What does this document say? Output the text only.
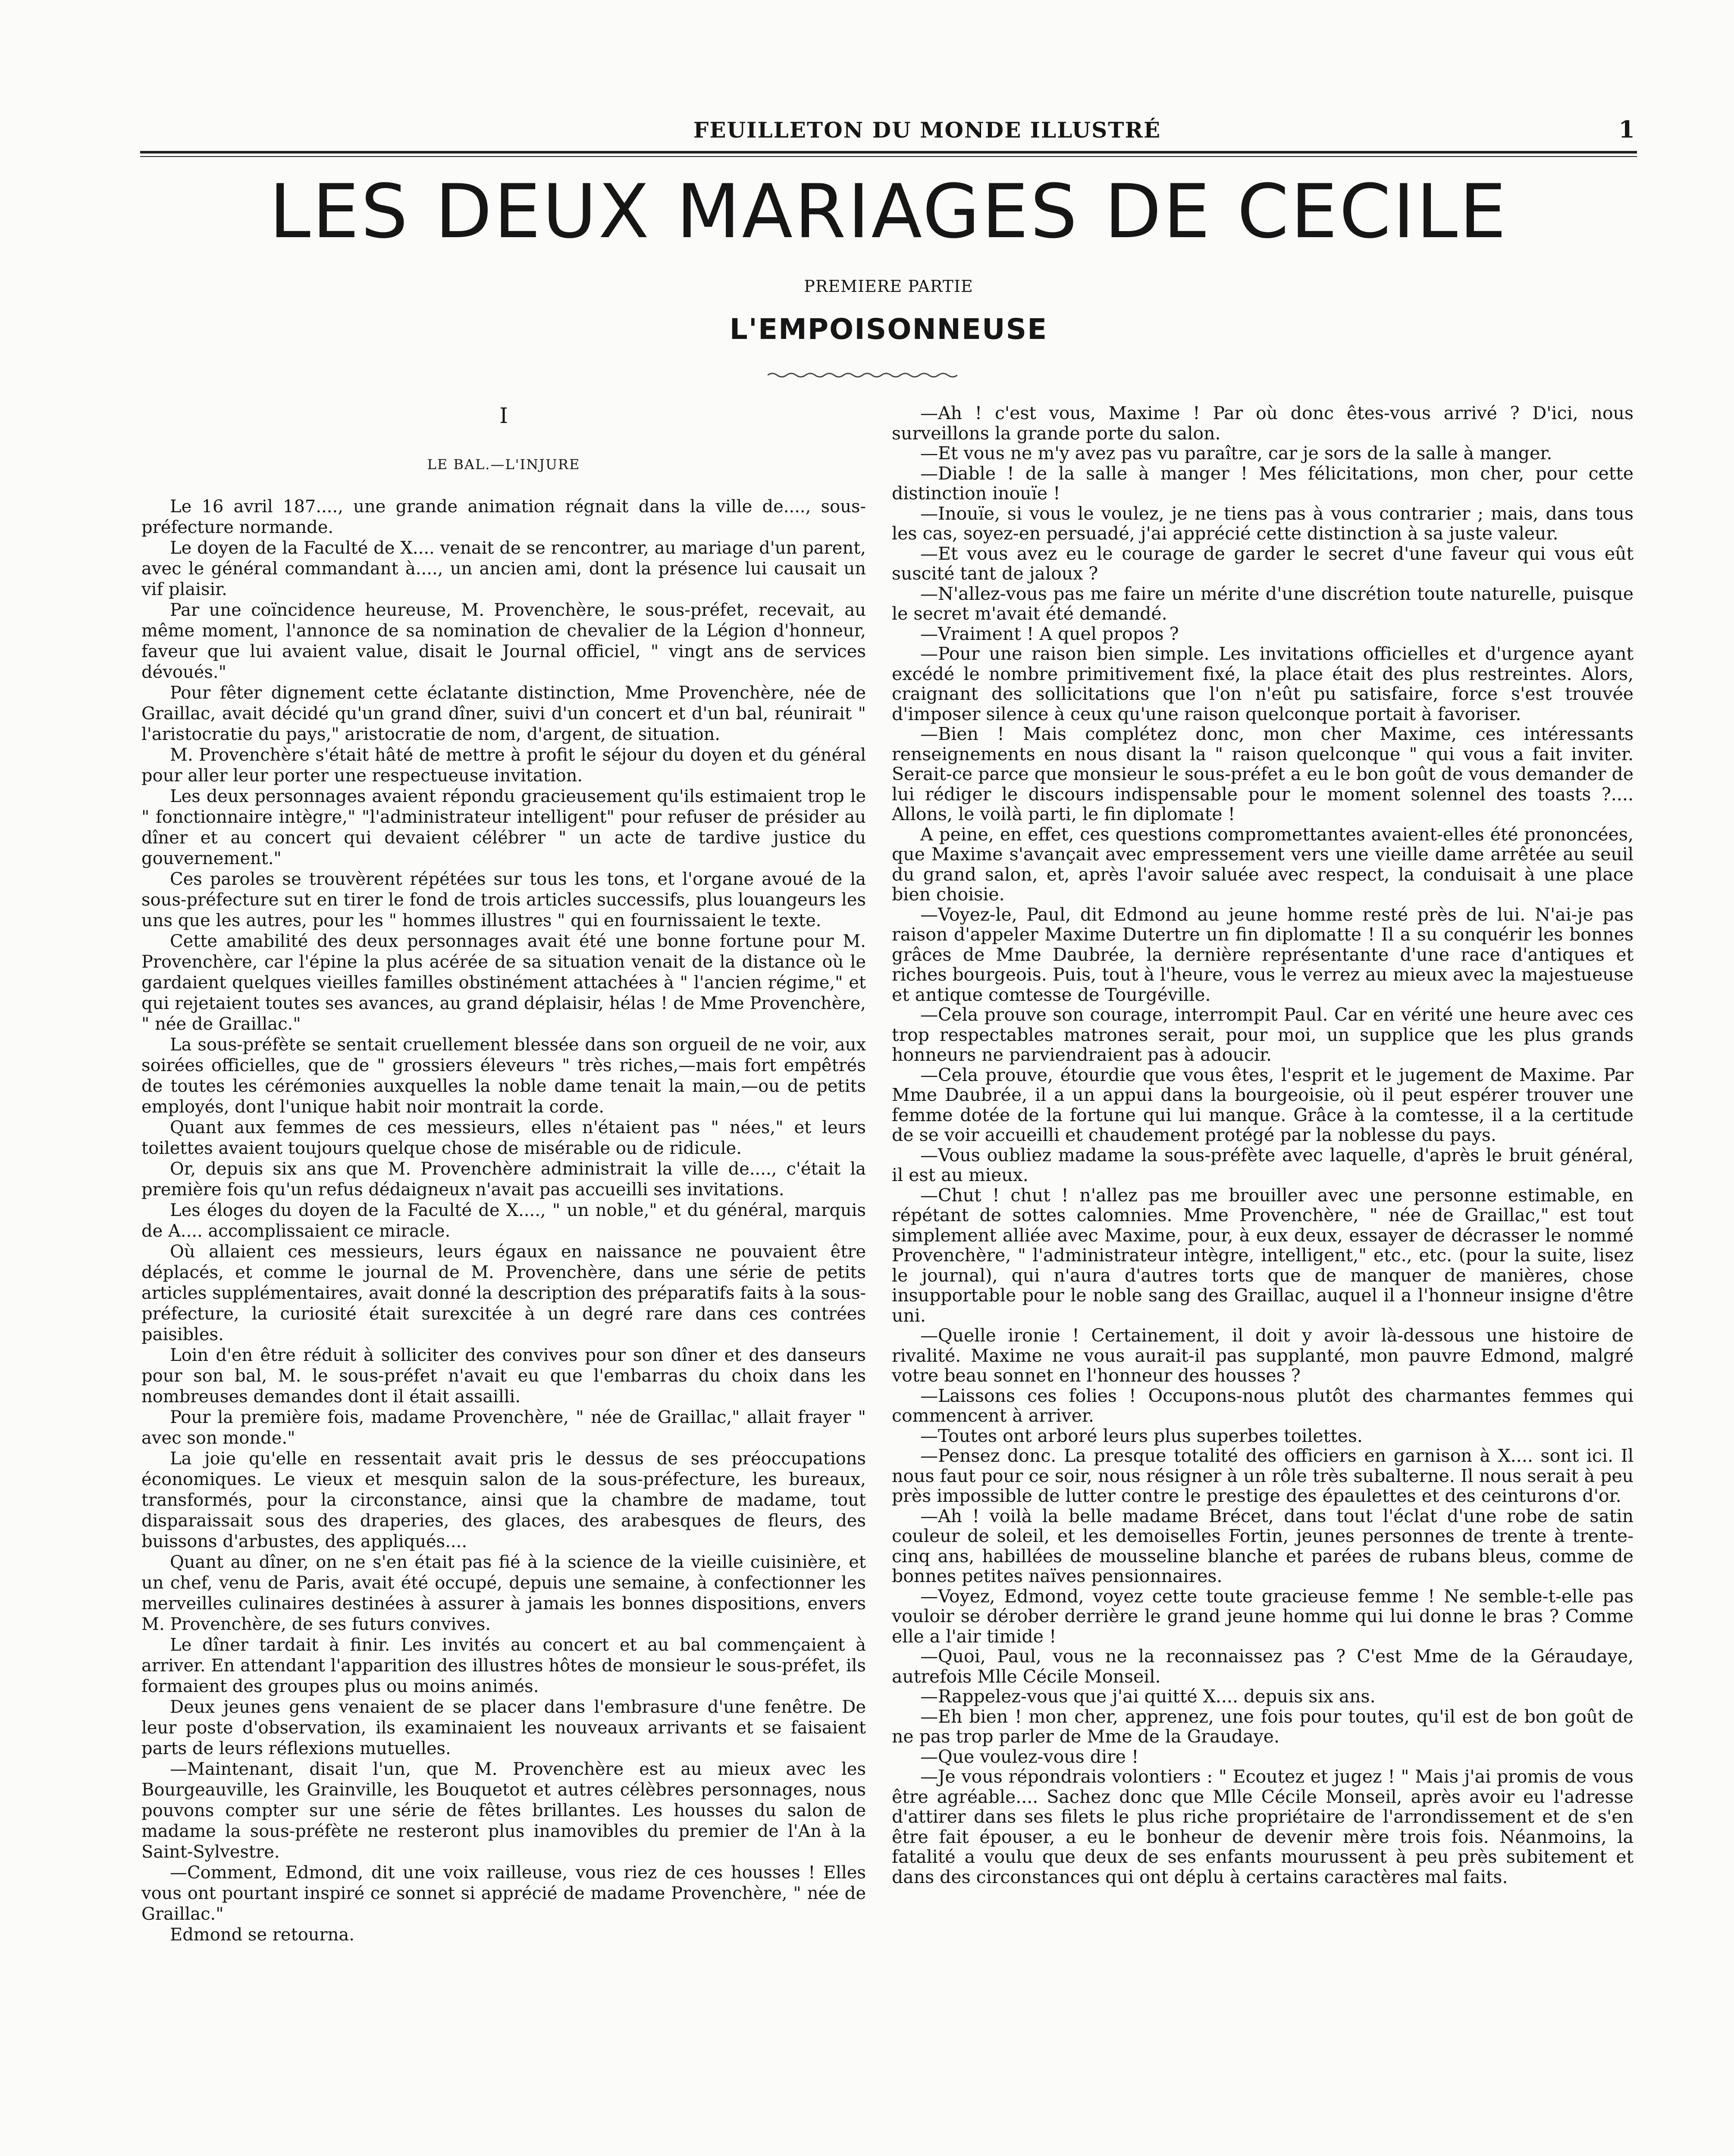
FEUILLETON DU MONDE ILLUSTRÉ	1
LES DEUX MARIAGES DE CECILE
PREMIERE PARTIE
L'EMPOISONNEUSE
I
LE BAL.—L'INJURE

Le 16 avril 187...., une grande animation régnait dans la ville de...., sous-préfecture normande.

Le doyen de la Faculté de X.... venait de se rencontrer, au mariage d'un parent, avec le général commandant à...., un ancien ami, dont la présence lui causait un vif plaisir.

Par une coïncidence heureuse, M. Provenchère, le sous-préfet, recevait, au même moment, l'annonce de sa nomination de chevalier de la Légion d'honneur, faveur que lui avaient value, disait le Journal officiel, " vingt ans de services dévoués."

Pour fêter dignement cette éclatante distinction, Mme Provenchère, née de Graillac, avait décidé qu'un grand dîner, suivi d'un concert et d'un bal, réunirait " l'aristocratie du pays," aristocratie de nom, d'argent, de situation.

M. Provenchère s'était hâté de mettre à profit le séjour du doyen et du général pour aller leur porter une respectueuse invitation.

Les deux personnages avaient répondu gracieusement qu'ils estimaient trop le " fonctionnaire intègre," "l'administrateur intelligent" pour refuser de présider au dîner et au concert qui devaient célébrer " un acte de tardive justice du gouvernement."

Ces paroles se trouvèrent répétées sur tous les tons, et l'organe avoué de la sous-préfecture sut en tirer le fond de trois articles successifs, plus louangeurs les uns que les autres, pour les " hommes illustres " qui en fournissaient le texte.

Cette amabilité des deux personnages avait été une bonne fortune pour M. Provenchère, car l'épine la plus acérée de sa situation venait de la distance où le gardaient quelques vieilles familles obstinément attachées à " l'ancien régime," et qui rejetaient toutes ses avances, au grand déplaisir, hélas ! de Mme Provenchère, " née de Graillac."

La sous-préfète se sentait cruellement blessée dans son orgueil de ne voir, aux soirées officielles, que de " grossiers éleveurs " très riches,—mais fort empêtrés de toutes les cérémonies auxquelles la noble dame tenait la main,—ou de petits employés, dont l'unique habit noir montrait la corde.

Quant aux femmes de ces messieurs, elles n'étaient pas " nées," et leurs toilettes avaient toujours quelque chose de misérable ou de ridicule.

Or, depuis six ans que M. Provenchère administrait la ville de...., c'était la première fois qu'un refus dédaigneux n'avait pas accueilli ses invitations.

Les éloges du doyen de la Faculté de X...., " un noble," et du général, marquis de A.... accomplissaient ce miracle.

Où allaient ces messieurs, leurs égaux en naissance ne pouvaient être déplacés, et comme le journal de M. Provenchère, dans une série de petits articles supplémentaires, avait donné la description des préparatifs faits à la sous-préfecture, la curiosité était surexcitée à un degré rare dans ces contrées paisibles.

Loin d'en être réduit à solliciter des convives pour son dîner et des danseurs pour son bal, M. le sous-préfet n'avait eu que l'embarras du choix dans les nombreuses demandes dont il était assailli.

Pour la première fois, madame Provenchère, " née de Graillac," allait frayer " avec son monde."

La joie qu'elle en ressentait avait pris le dessus de ses préoccupations économiques. Le vieux et mesquin salon de la sous-préfecture, les bureaux, transformés, pour la circonstance, ainsi que la chambre de madame, tout disparaissait sous des draperies, des glaces, des arabesques de fleurs, des buissons d'arbustes, des appliqués....

Quant au dîner, on ne s'en était pas fié à la science de la vieille cuisinière, et un chef, venu de Paris, avait été occupé, depuis une semaine, à confectionner les merveilles culinaires destinées à assurer à jamais les bonnes dispositions, envers M. Provenchère, de ses futurs convives.

Le dîner tardait à finir. Les invités au concert et au bal commençaient à arriver. En attendant l'apparition des illustres hôtes de monsieur le sous-préfet, ils formaient des groupes plus ou moins animés.

Deux jeunes gens venaient de se placer dans l'embrasure d'une fenêtre. De leur poste d'observation, ils examinaient les nouveaux arrivants et se faisaient parts de leurs réflexions mutuelles.

—Maintenant, disait l'un, que M. Provenchère est au mieux avec les Bourgeauville, les Grainville, les Bouquetot et autres célèbres personnages, nous pouvons compter sur une série de fêtes brillantes. Les housses du salon de madame la sous-préfète ne resteront plus inamovibles du premier de l'An à la Saint-Sylvestre.

—Comment, Edmond, dit une voix railleuse, vous riez de ces housses ! Elles vous ont pourtant inspiré ce sonnet si apprécié de madame Provenchère, " née de Graillac."

Edmond se retourna.

—Ah ! c'est vous, Maxime ! Par où donc êtes-vous arrivé ? D'ici, nous surveillons la grande porte du salon.

—Et vous ne m'y avez pas vu paraître, car je sors de la salle à manger.

—Diable ! de la salle à manger ! Mes félicitations, mon cher, pour cette distinction inouïe !

—Inouïe, si vous le voulez, je ne tiens pas à vous contrarier ; mais, dans tous les cas, soyez-en persuadé, j'ai apprécié cette distinction à sa juste valeur.

—Et vous avez eu le courage de garder le secret d'une faveur qui vous eût suscité tant de jaloux ?

—N'allez-vous pas me faire un mérite d'une discrétion toute naturelle, puisque le secret m'avait été demandé.

—Vraiment ! A quel propos ?

—Pour une raison bien simple. Les invitations officielles et d'urgence ayant excédé le nombre primitivement fixé, la place était des plus restreintes. Alors, craignant des sollicitations que l'on n'eût pu satisfaire, force s'est trouvée d'imposer silence à ceux qu'une raison quelconque portait à favoriser.

—Bien ! Mais complétez donc, mon cher Maxime, ces intéressants renseignements en nous disant la " raison quelconque " qui vous a fait inviter. Serait-ce parce que monsieur le sous-préfet a eu le bon goût de vous demander de lui rédiger le discours indispensable pour le moment solennel des toasts ?.... Allons, le voilà parti, le fin diplomate !

A peine, en effet, ces questions compromettantes avaient-elles été prononcées, que Maxime s'avançait avec empressement vers une vieille dame arrêtée au seuil du grand salon, et, après l'avoir saluée avec respect, la conduisait à une place bien choisie.

—Voyez-le, Paul, dit Edmond au jeune homme resté près de lui. N'ai-je pas raison d'appeler Maxime Dutertre un fin diplomatte ! Il a su conquérir les bonnes grâces de Mme Daubrée, la dernière représentante d'une race d'antiques et riches bourgeois. Puis, tout à l'heure, vous le verrez au mieux avec la majestueuse et antique comtesse de Tourgéville.

—Cela prouve son courage, interrompit Paul. Car en vérité une heure avec ces trop respectables matrones serait, pour moi, un supplice que les plus grands honneurs ne parviendraient pas à adoucir.

—Cela prouve, étourdie que vous êtes, l'esprit et le jugement de Maxime. Par Mme Daubrée, il a un appui dans la bourgeoisie, où il peut espérer trouver une femme dotée de la fortune qui lui manque. Grâce à la comtesse, il a la certitude de se voir accueilli et chaudement protégé par la noblesse du pays.

—Vous oubliez madame la sous-préfète avec laquelle, d'après le bruit général, il est au mieux.

—Chut ! chut ! n'allez pas me brouiller avec une personne estimable, en répétant de sottes calomnies. Mme Provenchère, " née de Graillac," est tout simplement alliée avec Maxime, pour, à eux deux, essayer de décrasser le nommé Provenchère, " l'administrateur intègre, intelligent," etc., etc. (pour la suite, lisez le journal), qui n'aura d'autres torts que de manquer de manières, chose insupportable pour le noble sang des Graillac, auquel il a l'honneur insigne d'être uni.

—Quelle ironie ! Certainement, il doit y avoir là-dessous une histoire de rivalité. Maxime ne vous aurait-il pas supplanté, mon pauvre Edmond, malgré votre beau sonnet en l'honneur des housses ?

—Laissons ces folies ! Occupons-nous plutôt des charmantes femmes qui commencent à arriver.

—Toutes ont arboré leurs plus superbes toilettes.

—Pensez donc. La presque totalité des officiers en garnison à X.... sont ici. Il nous faut pour ce soir, nous résigner à un rôle très subalterne. Il nous serait à peu près impossible de lutter contre le prestige des épaulettes et des ceinturons d'or.

—Ah ! voilà la belle madame Brécet, dans tout l'éclat d'une robe de satin couleur de soleil, et les demoiselles Fortin, jeunes personnes de trente à trente-cinq ans, habillées de mousseline blanche et parées de rubans bleus, comme de bonnes petites naïves pensionnaires.

—Voyez, Edmond, voyez cette toute gracieuse femme ! Ne semble-t-elle pas vouloir se dérober derrière le grand jeune homme qui lui donne le bras ? Comme elle a l'air timide !

—Quoi, Paul, vous ne la reconnaissez pas ? C'est Mme de la Géraudaye, autrefois Mlle Cécile Monseil.

—Rappelez-vous que j'ai quitté X.... depuis six ans.

—Eh bien ! mon cher, apprenez, une fois pour toutes, qu'il est de bon goût de ne pas trop parler de Mme de la Graudaye.

—Que voulez-vous dire !

—Je vous répondrais volontiers : " Ecoutez et jugez ! " Mais j'ai promis de vous être agréable.... Sachez donc que Mlle Cécile Monseil, après avoir eu l'adresse d'attirer dans ses filets le plus riche propriétaire de l'arrondissement et de s'en être fait épouser, a eu le bonheur de devenir mère trois fois. Néanmoins, la fatalité a voulu que deux de ses enfants mourussent à peu près subitement et dans des circonstances qui ont déplu à certains caractères mal faits.
